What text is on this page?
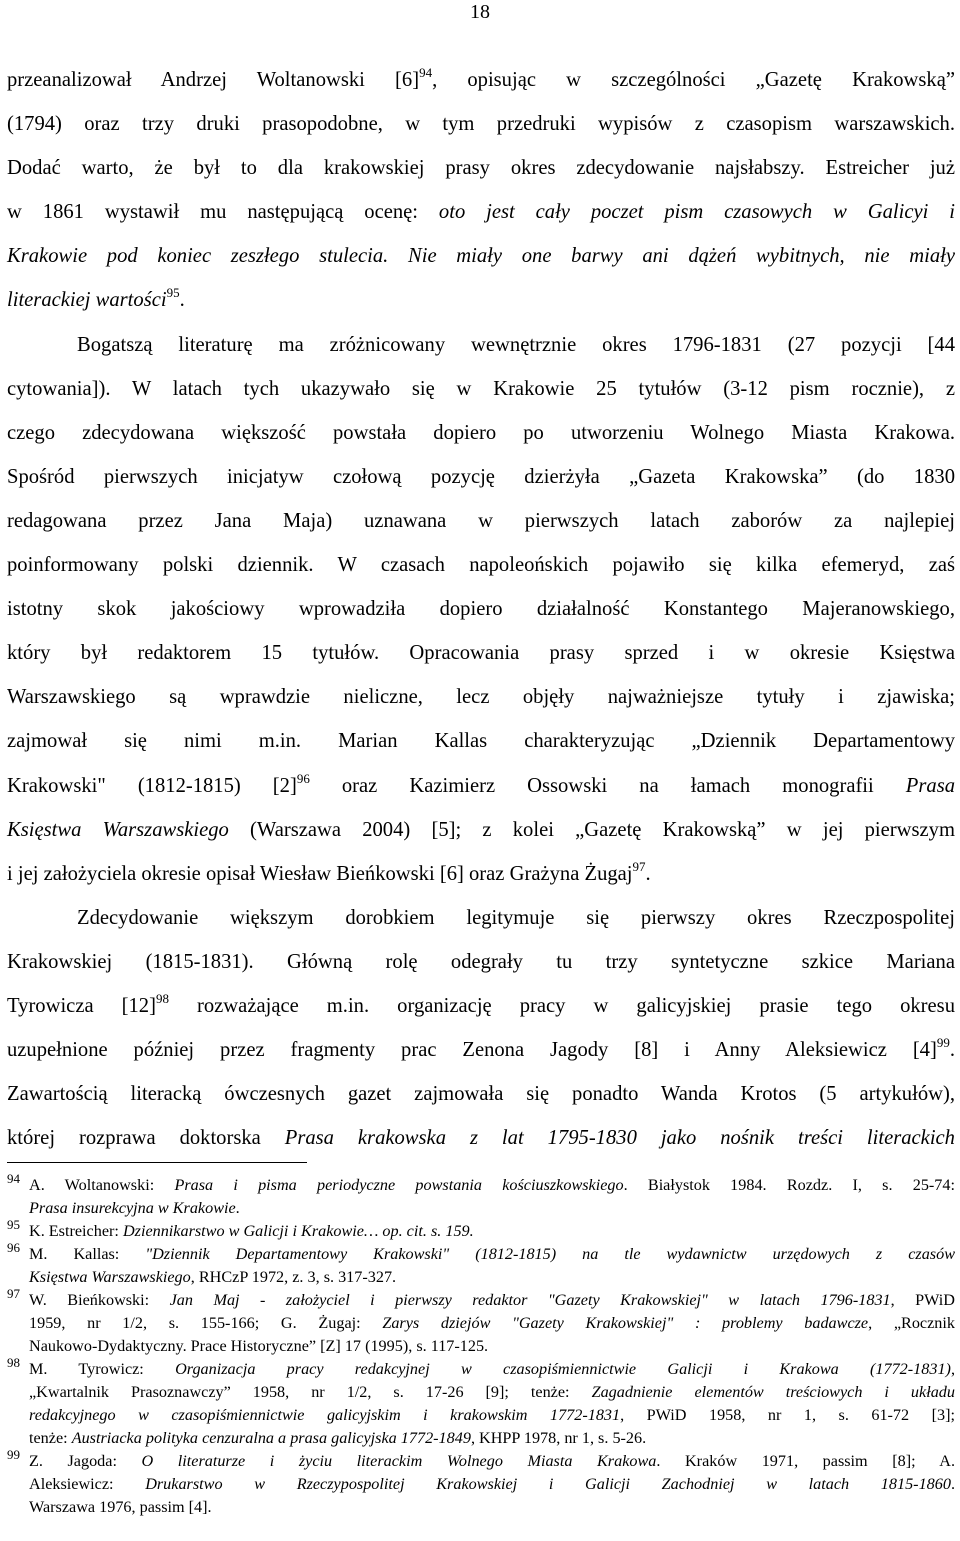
18

przeanalizował Andrzej Woltanowski $[6]^{94}$, opisując w szczególności „Gazetę Krakowską”

(1794) oraz trzy druki prasopodobne, w tym przedruki wypisów z czasopism warszawskich.

Dodać warto, że był to dla krakowskiej prasy okres zdecydowanie najsłabszy. Estreicher już

w 1861 wystawił mu następującą ocenę: oto jest cały poczet pism czasowych w Galicyi i

Krakowie pod koniec zeszłego stulecia. Nie miały one barwy ani dążeń wybitnych, nie miały

literackiej wartości$^{95}$.

Bogatszą literaturę ma zróżnicowany wewnętrznie okres 1796-1831 (27 pozycji [44

cytowania]). W latach tych ukazywało się w Krakowie 25 tytułów (3-12 pism rocznie), z

czego zdecydowana większość powstała dopiero po utworzeniu Wolnego Miasta Krakowa.

Spośród pierwszych inicjatyw czołową pozycję dzierżyła „Gazeta Krakowska” (do 1830

redagowana przez Jana Maja) uznawana w pierwszych latach zaborów za najlepiej

poinformowany polski dziennik. W czasach napoleońskich pojawiło się kilka efemeryd, zaś

istotny skok jakościowy wprowadziła dopiero działalność Konstantego Majeranowskiego,

który był redaktorem 15 tytułów. Opracowania prasy sprzed i w okresie Księstwa

Warszawskiego są wprawdzie nieliczne, lecz objęły najważniejsze tytuły i zjawiska;

zajmował się nimi m.in. Marian Kallas charakteryzując „Dziennik Departamentowy

Krakowski" (1812-1815) $[2]^{96}$ oraz Kazimierz Ossowski na łamach monografii Prasa

Księstwa Warszawskiego (Warszawa 2004) [5]; z kolei „Gazetę Krakowską” w jej pierwszym

i jej założyciela okresie opisał Wiesław Bieńkowski [6] oraz Grażyna Żugaj$^{97}$.

Zdecydowanie większym dorobkiem legitymuje się pierwszy okres Rzeczpospolitej

Krakowskiej (1815-1831). Główną rolę odegrały tu trzy syntetyczne szkice Mariana

Tyrowicza $[12]^{98}$ rozważające m.in. organizację pracy w galicyjskiej prasie tego okresu

uzupełnione później przez fragmenty prac Zenona Jagody [8] i Anny Aleksiewicz $[4]^{99}$.

Zawartością literacką ówczesnych gazet zajmowała się ponadto Wanda Krotos (5 artykułów),

której rozprawa doktorska Prasa krakowska z lat 1795-1830 jako nośnik treści literackich

94 A. Woltanowski: Prasa i pisma periodyczne powstania kościuszkowskiego. Białystok 1984. Rozdz. I, s. 25-74:
Prasa insurekcyjna w Krakowie.
95 K. Estreicher: Dziennikarstwo w Galicji i Krakowie… op. cit. s. 159.
96 M. Kallas: "Dziennik Departamentowy Krakowski" (1812-1815) na tle wydawnictw urzędowych z czasów
Księstwa Warszawskiego, RHCzP 1972, z. 3, s. 317-327.
97 W. Bieńkowski: Jan Maj - założyciel i pierwszy redaktor "Gazety Krakowskiej" w latach 1796-1831, PWiD
1959, nr 1/2, s. 155-166; G. Żugaj: Zarys dziejów "Gazety Krakowskiej" : problemy badawcze, „Rocznik
Naukowo-Dydaktyczny. Prace Historyczne” [Z] 17 (1995), s. 117-125.
98 M. Tyrowicz: Organizacja pracy redakcyjnej w czasopiśmiennictwie Galicji i Krakowa (1772-1831),
„Kwartalnik Prasoznawczy” 1958, nr 1/2, s. 17-26 [9]; tenże: Zagadnienie elementów treściowych i układu
redakcyjnego w czasopiśmiennictwie galicyjskim i krakowskim 1772-1831, PWiD 1958, nr 1, s. 61-72 [3];
tenże: Austriacka polityka cenzuralna a prasa galicyjska 1772-1849, KHPP 1978, nr 1, s. 5-26.
99 Z. Jagoda: O literaturze i życiu literackim Wolnego Miasta Krakowa. Kraków 1971, passim [8]; A.
Aleksiewicz: Drukarstwo w Rzeczypospolitej Krakowskiej i Galicji Zachodniej w latach 1815-1860.
Warszawa 1976, passim [4].
